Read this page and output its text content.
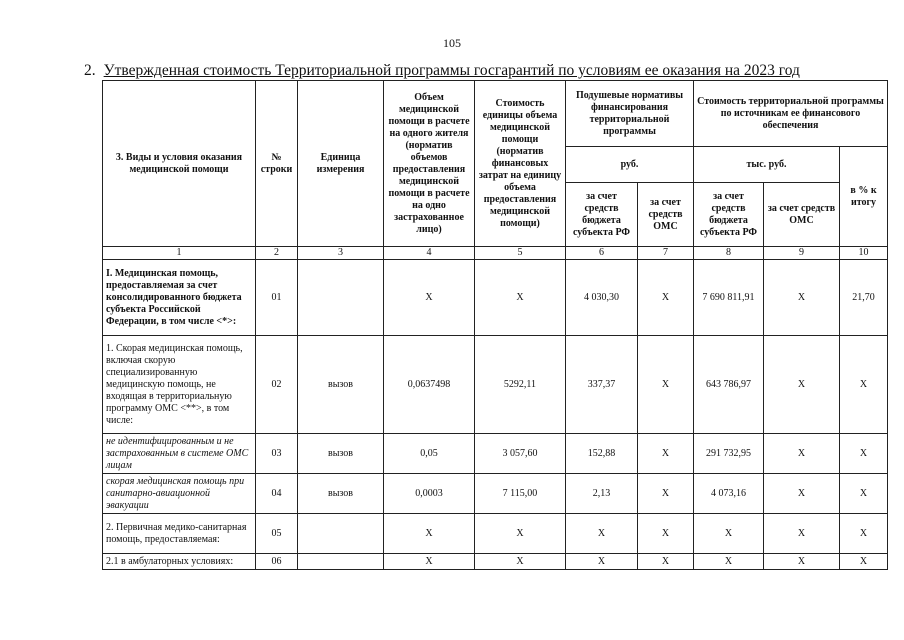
105
2. Утвержденная стоимость Территориальной программы госгарантий по условиям ее оказания на 2023 год
3. Виды и условия оказания медицинской помощи	№ строки	Единица измерения	Объем медицинской помощи в расчете на одного жителя (норматив объемов предоставления медицинской помощи в расчете на одно застрахованное лицо)	Стоимость единицы объема медицинской помощи (норматив финансовых затрат на единицу объема предоставления медицинской помощи)	Подушевые нормативы финансирования территориальной программы		Стоимость территориальной программы по источникам ее финансового обеспечения		
					руб.		тыс. руб.		в % к итогу
					за счет средств бюджета субъекта РФ	за счет средств ОМС	за счет средств бюджета субъекта РФ	за счет средств ОМС	
1	2	3	4	5	6	7	8	9	10
I. Медицинская помощь, предоставляемая за счет консолидированного бюджета субъекта Российской Федерации, в том числе <*>:	01		Х	Х	4 030,30	Х	7 690 811,91	Х	21,70
1. Скорая медицинская помощь, включая скорую специализированную медицинскую помощь, не входящая в территориальную программу ОМС <**>, в том числе:	02	вызов	0,0637498	5292,11	337,37	Х	643 786,97	Х	Х
не идентифицированным и не застрахованным в системе ОМС лицам	03	вызов	0,05	3 057,60	152,88	Х	291 732,95	Х	Х
скорая медицинская помощь при санитарно-авиационной эвакуации	04	вызов	0,0003	7 115,00	2,13	Х	4 073,16	Х	Х
2. Первичная медико-санитарная помощь, предоставляемая:	05		Х	Х	Х	Х	Х	Х	Х
2.1 в амбулаторных условиях:	06		Х	Х	Х	Х	Х	Х	Х
